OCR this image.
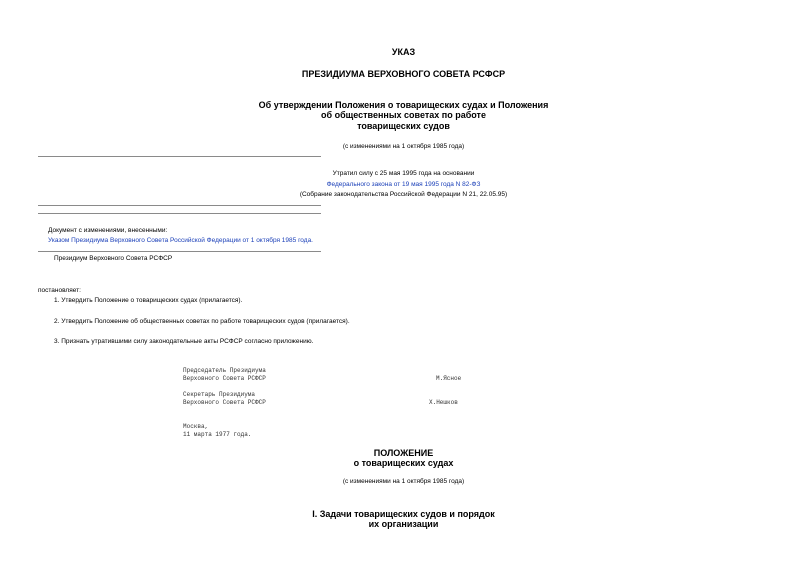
УКАЗ
ПРЕЗИДИУМА ВЕРХОВНОГО СОВЕТА РСФСР
Об утверждении Положения о товарищеских судах и Положения
об общественных советах по работе
товарищеских судов
(с изменениями на 1 октября 1985 года)
Утратил силу с 25 мая 1995 года на основании
Федерального закона от 19 мая 1995 года N 82-ФЗ
(Собрание законодательства Российской Федерации N 21, 22.05.95)
Документ с изменениями, внесенными:
Указом Президиума Верховного Совета Российской Федерации от 1 октября 1985 года.
Президиум Верховного Совета РСФСР
постановляет:
1. Утвердить Положение о товарищеских судах (прилагается).
2. Утвердить Положение об общественных советах по работе товарищеских судов (прилагается).
3. Признать утратившими силу законодательные акты РСФСР согласно приложению.
Председатель Президиума
Верховного Совета РСФСР	М.Ясное
Секретарь Президиума
Верховного Совета РСФСР	Х.Нешков
Москва,
11 марта 1977 года.
ПОЛОЖЕНИЕ
о товарищеских судах
(с изменениями на 1 октября 1985 года)
I. Задачи товарищеских судов и порядок
их организации
